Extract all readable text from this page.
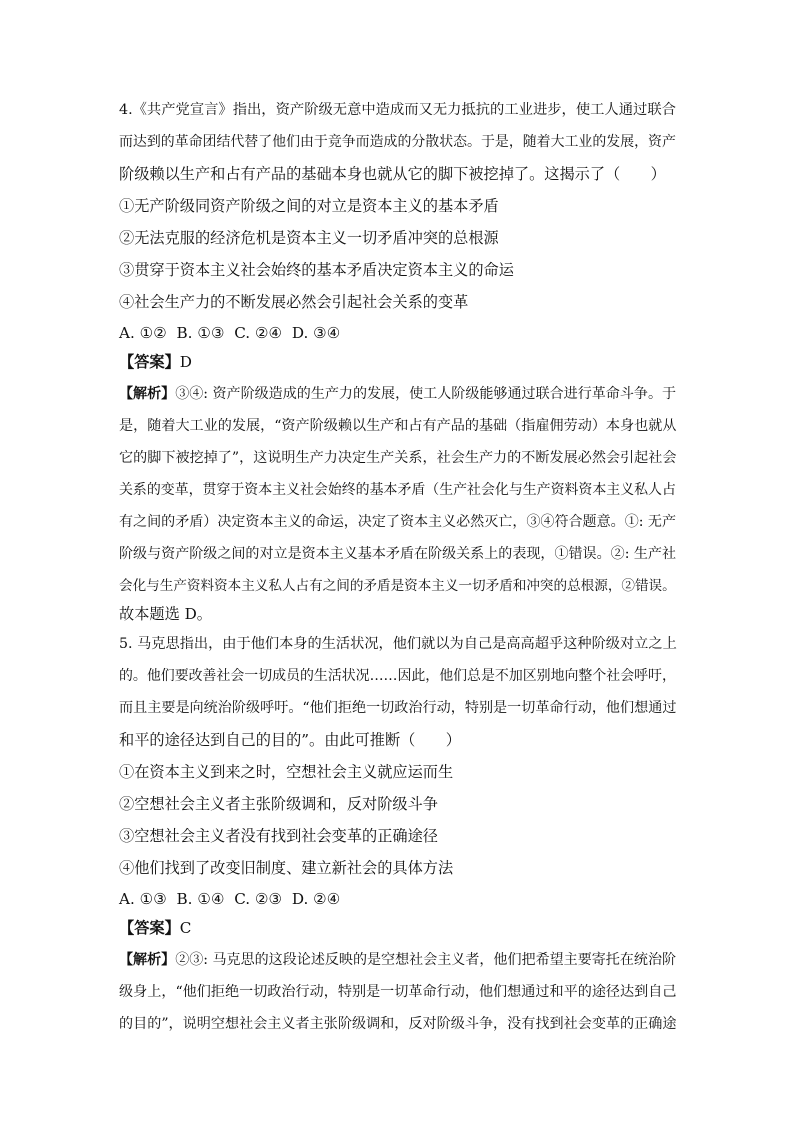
4.《共产党宣言》指出，资产阶级无意中造成而又无力抵抗的工业进步，使工人通过联合
而达到的革命团结代替了他们由于竞争而造成的分散状态。于是，随着大工业的发展，资产
阶级赖以生产和占有产品的基础本身也就从它的脚下被挖掉了。这揭示了（　　）
①无产阶级同资产阶级之间的对立是资本主义的基本矛盾
②无法克服的经济危机是资本主义一切矛盾冲突的总根源
③贯穿于资本主义社会始终的基本矛盾决定资本主义的命运
④社会生产力的不断发展必然会引起社会关系的变革
A. ①②  B. ①③  C. ②④  D. ③④
【答案】D
【解析】③④: 资产阶级造成的生产力的发展，使工人阶级能够通过联合进行革命斗争。于
是，随着大工业的发展，“资产阶级赖以生产和占有产品的基础（指雇佣劳动）本身也就从
它的脚下被挖掉了”，这说明生产力决定生产关系，社会生产力的不断发展必然会引起社会
关系的变革，贯穿于资本主义社会始终的基本矛盾（生产社会化与生产资料资本主义私人占
有之间的矛盾）决定资本主义的命运，决定了资本主义必然灭亡，③④符合题意。①: 无产
阶级与资产阶级之间的对立是资本主义基本矛盾在阶级关系上的表现，①错误。②: 生产社
会化与生产资料资本主义私人占有之间的矛盾是资本主义一切矛盾和冲突的总根源，②错误。
故本题选 D。
5. 马克思指出，由于他们本身的生活状况，他们就以为自己是高高超乎这种阶级对立之上
的。他们要改善社会一切成员的生活状况……因此，他们总是不加区别地向整个社会呼吁，
而且主要是向统治阶级呼吁。“他们拒绝一切政治行动，特别是一切革命行动，他们想通过
和平的途径达到自己的目的”。由此可推断（　　）
①在资本主义到来之时，空想社会主义就应运而生
②空想社会主义者主张阶级调和，反对阶级斗争
③空想社会主义者没有找到社会变革的正确途径
④他们找到了改变旧制度、建立新社会的具体方法
A. ①③  B. ①④  C. ②③  D. ②④
【答案】C
【解析】②③: 马克思的这段论述反映的是空想社会主义者，他们把希望主要寄托在统治阶
级身上，“他们拒绝一切政治行动，特别是一切革命行动，他们想通过和平的途径达到自己
的目的”，说明空想社会主义者主张阶级调和，反对阶级斗争，没有找到社会变革的正确途
